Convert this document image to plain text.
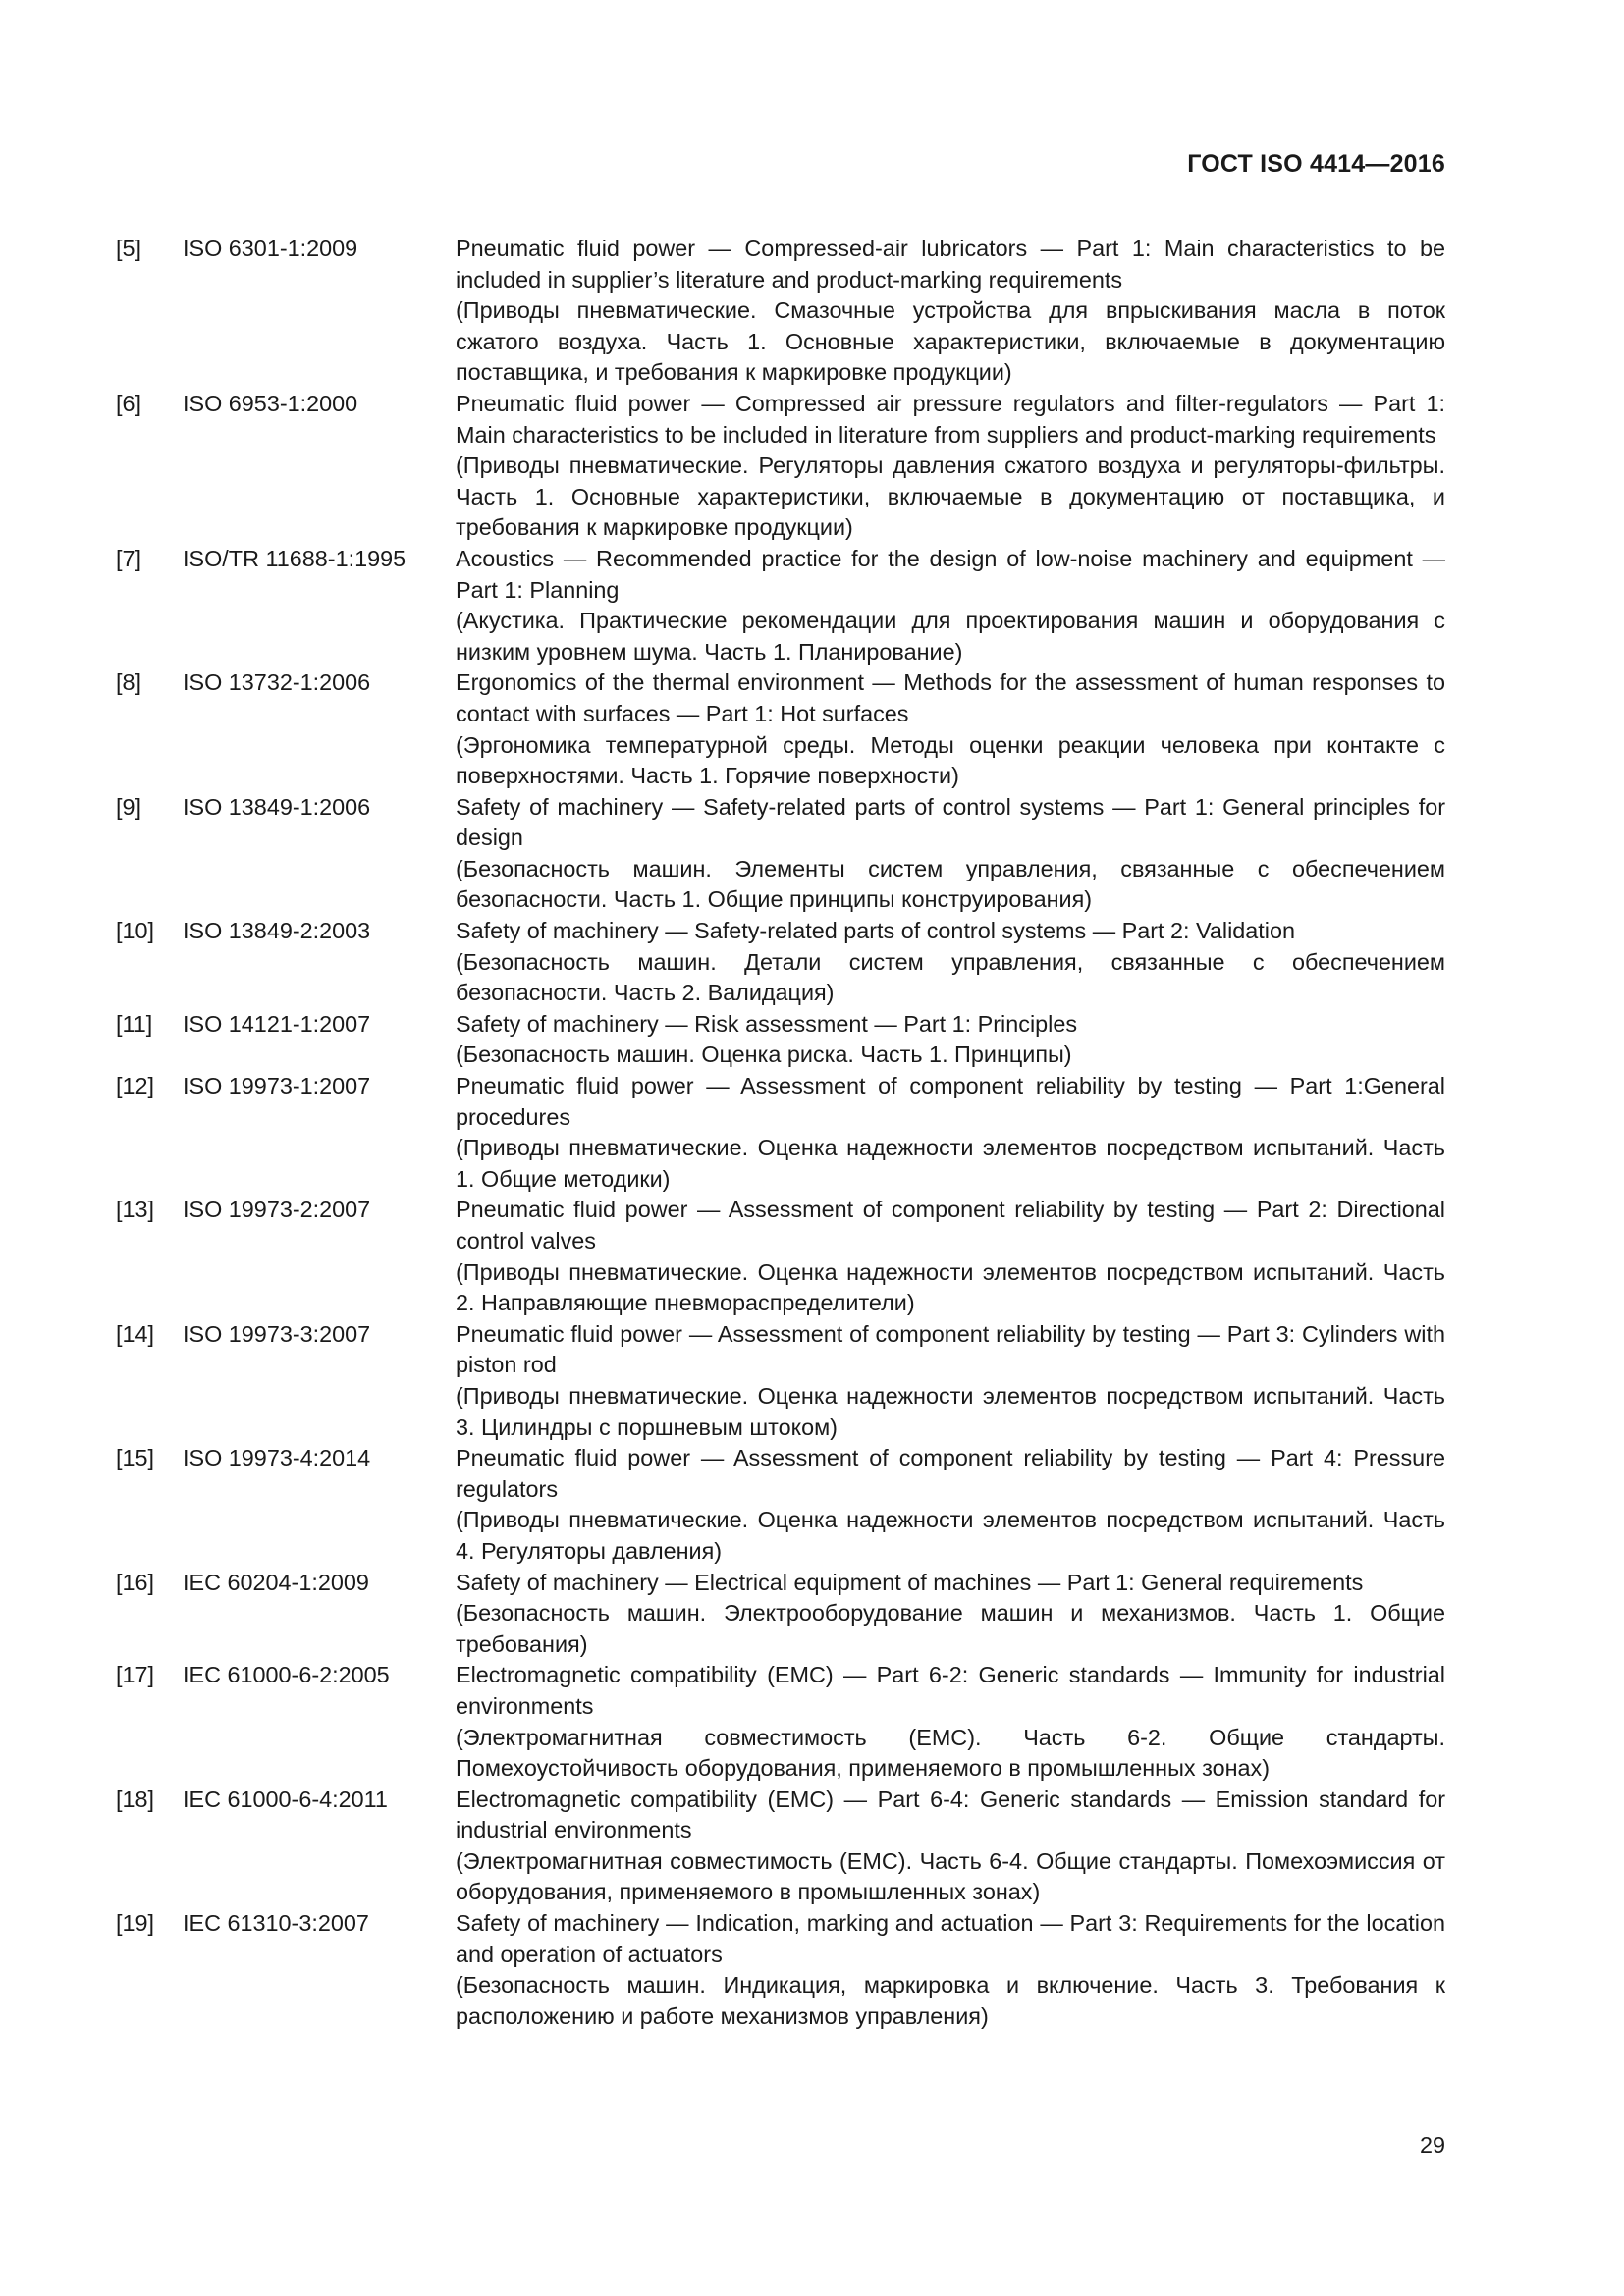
ГОСТ ISO 4414—2016
[5] ISO 6301-1:2009	Pneumatic fluid power — Compressed-air lubricators — Part 1: Main characteristics to be included in supplier’s literature and product-marking requirements

(Приводы пневматические. Смазочные устройства для впрыскивания масла в поток сжатого воздуха. Часть 1. Основные характеристики, включаемые в документацию поставщика, и требования к маркировке продукции)

[6] ISO 6953-1:2000	Pneumatic fluid power — Compressed air pressure regulators and filter-regulators — Part 1: Main characteristics to be included in literature from suppliers and product-marking requirements

(Приводы пневматические. Регуляторы давления сжатого воздуха и регуляторы-фильтры. Часть 1. Основные характеристики, включаемые в документацию от поставщика, и требования к маркировке продукции)

[7] ISO/TR 11688-1:1995 Acoustics — Recommended practice for the design of low-noise machinery and equipment — Part 1: Planning

(Акустика. Практические рекомендации для проектирования машин и оборудования с низким уровнем шума. Часть 1. Планирование)

[8] ISO 13732-1:2006	Ergonomics of the thermal environment — Methods for the assessment of human responses to contact with surfaces — Part 1: Hot surfaces

(Эргономика температурной среды. Методы оценки реакции человека при контакте с поверхностями. Часть 1. Горячие поверхности)

[9] ISO 13849-1:2006	Safety of machinery — Safety-related parts of control systems — Part 1: General principles for design

(Безопасность машин. Элементы систем управления, связанные с обеспечением безопасности. Часть 1. Общие принципы конструирования)

[10] ISO 13849-2:2003	Safety of machinery — Safety-related parts of control systems — Part 2: Validation

(Безопасность машин. Детали систем управления, связанные с обеспечением безопасности. Часть 2. Валидация)

[11] ISO 14121-1:2007	Safety of machinery — Risk assessment — Part 1: Principles

(Безопасность машин. Оценка риска. Часть 1. Принципы)

[12] ISO 19973-1:2007	Pneumatic fluid power — Assessment of component reliability by testing — Part 1:General procedures

(Приводы пневматические. Оценка надежности элементов посредством испытаний. Часть 1. Общие методики)

[13] ISO 19973-2:2007	Pneumatic fluid power — Assessment of component reliability by testing — Part 2: Directional control valves

(Приводы пневматические. Оценка надежности элементов посредством испытаний. Часть 2. Направляющие пневмораспределители)

[14] ISO 19973-3:2007	Pneumatic fluid power — Assessment of component reliability by testing — Part 3: Cylinders with piston rod

(Приводы пневматические. Оценка надежности элементов посредством испытаний. Часть 3. Цилиндры с поршневым штоком)

[15] ISO 19973-4:2014	Pneumatic fluid power — Assessment of component reliability by testing — Part 4: Pressure regulators

(Приводы пневматические. Оценка надежности элементов посредством испытаний. Часть 4. Регуляторы давления)

[16] IEC 60204-1:2009	Safety of machinery — Electrical equipment of machines — Part 1: General requirements

(Безопасность машин. Электрооборудование машин и механизмов. Часть 1. Общие требования)

[17] IEC 61000-6-2:2005	Electromagnetic compatibility (EMC) — Part 6-2: Generic standards — Immunity for industrial environments

(Электромагнитная совместимость (ЕМС). Часть 6-2. Общие стандарты. Помехоустойчивость оборудования, применяемого в промышленных зонах)

[18] IEC 61000-6-4:2011	Electromagnetic compatibility (EMC) — Part 6-4: Generic standards — Emission standard for industrial environments

(Электромагнитная совместимость (ЕМС). Часть 6-4. Общие стандарты. Помехоэмиссия от оборудования, применяемого в промышленных зонах)

[19] IEC 61310-3:2007	Safety of machinery — Indication, marking and actuation — Part 3: Requirements for the location and operation of actuators

(Безопасность машин. Индикация, маркировка и включение. Часть 3. Требования к расположению и работе механизмов управления)

29
